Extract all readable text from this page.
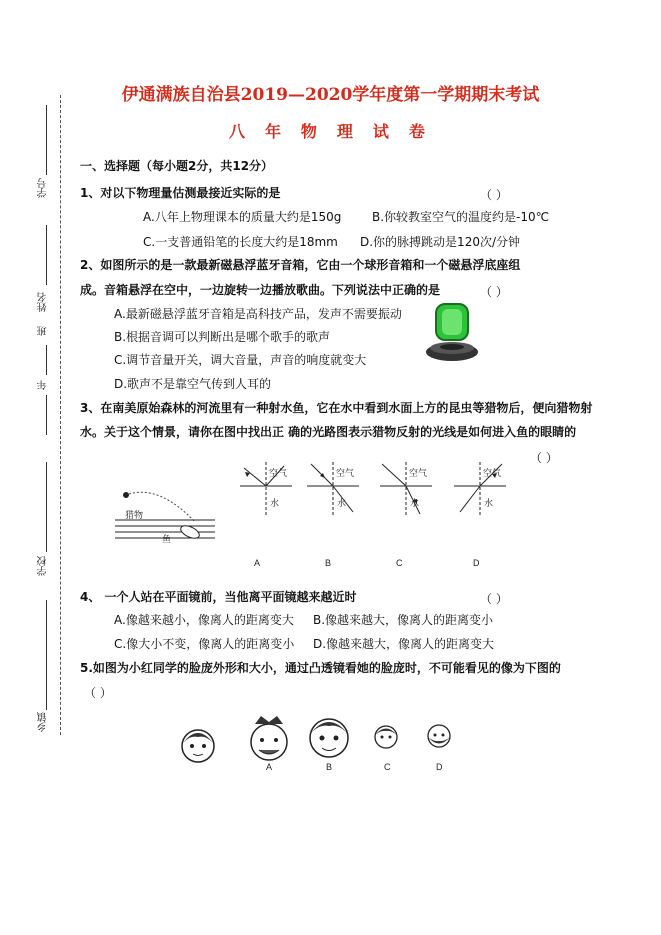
学号
姓名
年
班
学校
乡镇
伊通满族自治县2019—2020学年度第一学期期末考试
八 年 物 理 试 卷
一、选择题（每小题2分，共12分）
1、对以下物理量估测最接近实际的是	（ ）
A.八年上物理课本的质量大约是150g	B.你较教室空气的温度约是-10℃
C.一支普通铅笔的长度大约是18mm D.你的脉搏跳动是120次/分钟
2、如图所示的是一款最新磁悬浮蓝牙音箱，它由一个球形音箱和一个磁悬浮底座组
成。音箱悬浮在空中，一边旋转一边播放歌曲。下列说法中正确的是	（ ）
A.最新磁悬浮蓝牙音箱是高科技产品，发声不需要振动
B.根据音调可以判断出是哪个歌手的歌声
C.调节音量开关，调大音量，声音的响度就变大
D.歌声不是靠空气传到人耳的
3、在南美原始森林的河流里有一种射水鱼，它在水中看到水面上方的昆虫等猎物后，便向猎物射
水。关于这个情景，请你在图中找出正 确的光路图表示猎物反射的光线是如何进入鱼的眼睛的
（ ）
猎物
鱼
空气
水
空气
水
空气
水
空气
水
A	B	C	D
4、 一个人站在平面镜前，当他离平面镜越来越近时	（ ）
A.像越来越小，像离人的距离变大 B.像越来越大，像离人的距离变小
C.像大小不变，像离人的距离变小 D.像越来越大，像离人的距离变大
5.如图为小红同学的脸庞外形和大小，通过凸透镜看她的脸庞时，不可能看见的像为下图的
（ ）
A	B	C	D
